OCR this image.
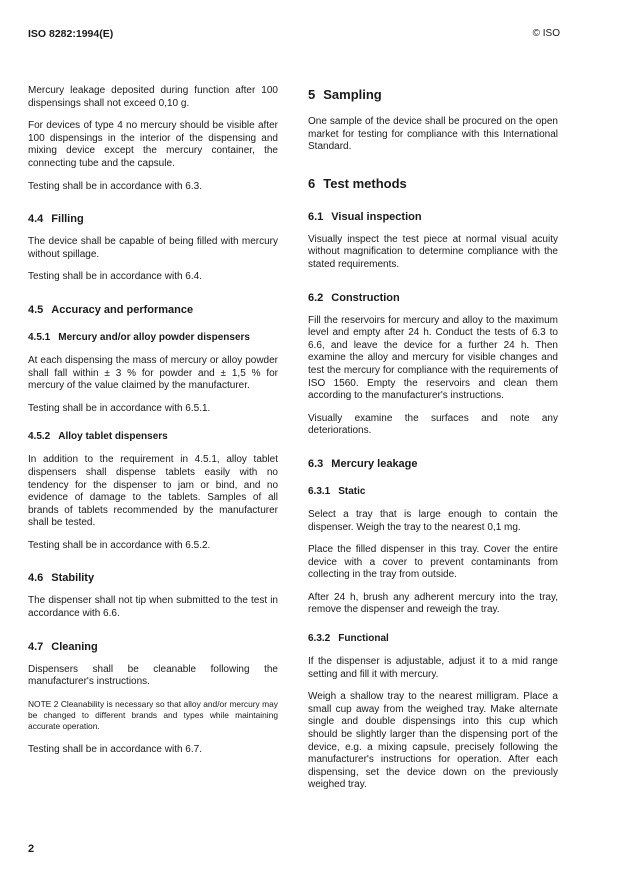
ISO 8282:1994(E)	© ISO

Mercury leakage deposited during function after 100 dispensings shall not exceed 0,10 g.

For devices of type 4 no mercury should be visible after 100 dispensings in the interior of the dispensing and mixing device except the mercury container, the connecting tube and the capsule.

Testing shall be in accordance with 6.3.

4.4 Filling

The device shall be capable of being filled with mercury without spillage.

Testing shall be in accordance with 6.4.

4.5 Accuracy and performance
4.5.1 Mercury and/or alloy powder dispensers

At each dispensing the mass of mercury or alloy powder shall fall within ± 3 % for powder and ± 1,5 % for mercury of the value claimed by the manufacturer.

Testing shall be in accordance with 6.5.1.

4.5.2 Alloy tablet dispensers

In addition to the requirement in 4.5.1, alloy tablet dispensers shall dispense tablets easily with no tendency for the dispenser to jam or bind, and no evidence of damage to the tablets. Samples of all brands of tablets recommended by the manufacturer shall be tested.

Testing shall be in accordance with 6.5.2.

4.6 Stability

The dispenser shall not tip when submitted to the test in accordance with 6.6.

4.7 Cleaning

Dispensers shall be cleanable following the manufacturer's instructions.

NOTE 2 Cleanability is necessary so that alloy and/or mercury may be changed to different brands and types while maintaining accurate operation.

Testing shall be in accordance with 6.7.

5 Sampling

One sample of the device shall be procured on the open market for testing for compliance with this International Standard.

6 Test methods
6.1 Visual inspection

Visually inspect the test piece at normal visual acuity without magnification to determine compliance with the stated requirements.

6.2 Construction

Fill the reservoirs for mercury and alloy to the maximum level and empty after 24 h. Conduct the tests of 6.3 to 6.6, and leave the device for a further 24 h. Then examine the alloy and mercury for visible changes and test the mercury for compliance with the requirements of ISO 1560. Empty the reservoirs and clean them according to the manufacturer's instructions.

Visually examine the surfaces and note any deteriorations.

6.3 Mercury leakage
6.3.1 Static

Select a tray that is large enough to contain the dispenser. Weigh the tray to the nearest 0,1 mg.

Place the filled dispenser in this tray. Cover the entire device with a cover to prevent contaminants from collecting in the tray from outside.

After 24 h, brush any adherent mercury into the tray, remove the dispenser and reweigh the tray.

6.3.2 Functional

If the dispenser is adjustable, adjust it to a mid range setting and fill it with mercury.

Weigh a shallow tray to the nearest milligram. Place a small cup away from the weighed tray. Make alternate single and double dispensings into this cup which should be slightly larger than the dispensing port of the device, e.g. a mixing capsule, precisely following the manufacturer's instructions for operation. After each dispensing, set the device down on the previously weighed tray.

2
